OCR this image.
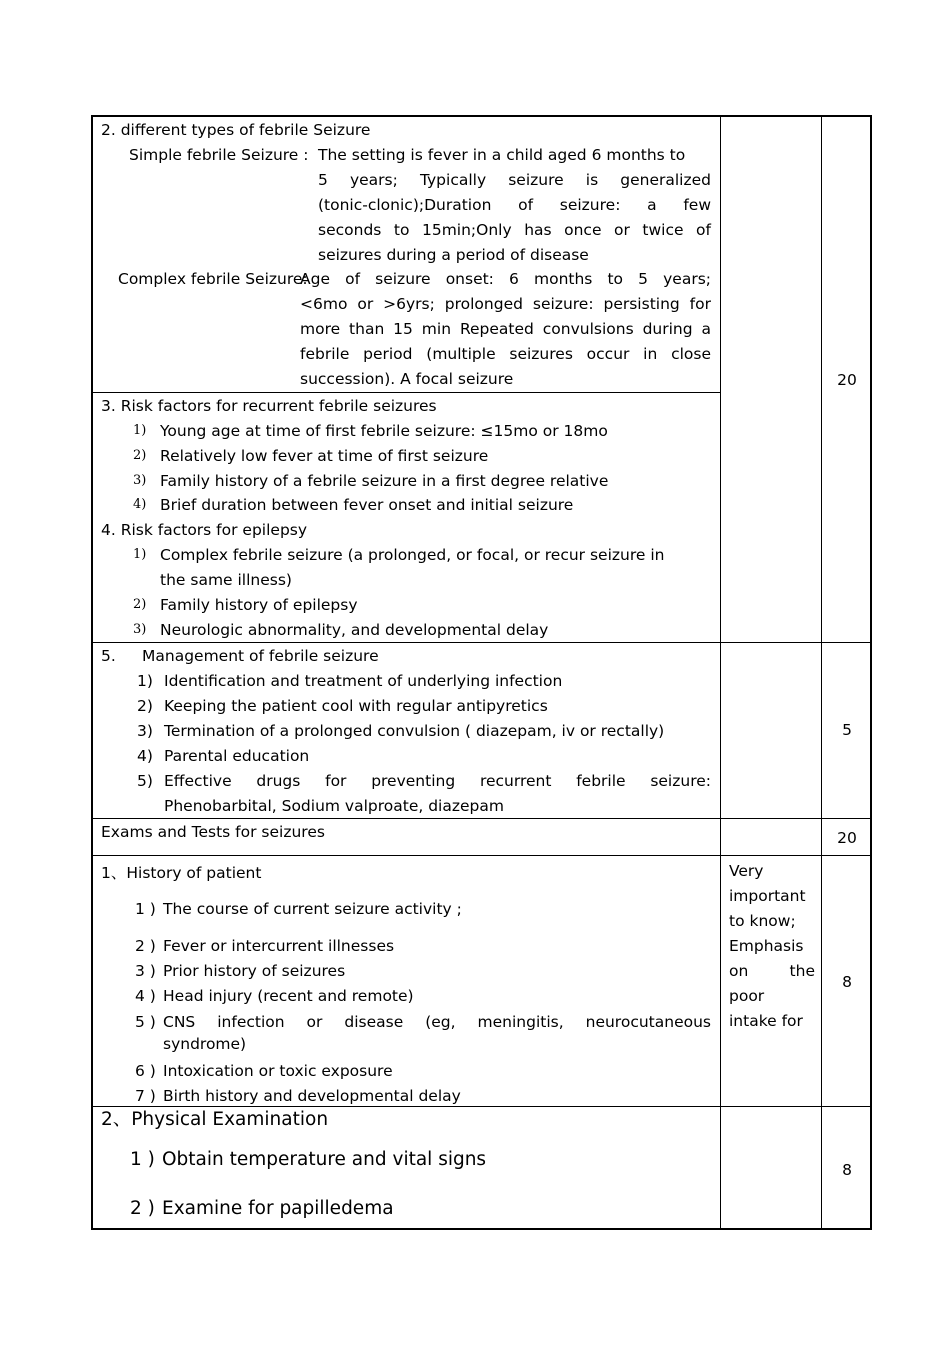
2. different types of febrile Seizure
Simple febrile Seizure : The setting is fever in a child aged 6 months to
5 years; Typically seizure is generalized
(tonic-clonic);Duration of seizure: a few
seconds to 15min;Only has once or twice of
seizures during a period of disease
Complex febrile Seizure:
Age of seizure onset: 6 months to 5 years;
<6mo or >6yrs; prolonged seizure: persisting for
more than 15 min Repeated convulsions during a
febrile period (multiple seizures occur in close
succession). A focal seizure
3. Risk factors for recurrent febrile seizures
1) Young age at time of first febrile seizure: ≤15mo or 18mo
2) Relatively low fever at time of first seizure
3) Family history of a febrile seizure in a first degree relative
4) Brief duration between fever onset and initial seizure
4. Risk factors for epilepsy
1) Complex febrile seizure (a prolonged, or focal, or recur seizure in
the same illness)
2) Family history of epilepsy
3) Neurologic abnormality, and developmental delay
20
5. Management of febrile seizure
1) Identification and treatment of underlying infection
2) Keeping the patient cool with regular antipyretics
3) Termination of a prolonged convulsion ( diazepam, iv or rectally)
4) Parental education
5) Effective drugs for preventing recurrent febrile seizure:
Phenobarbital, Sodium valproate, diazepam
5
Exams and Tests for seizures	20
1、History of patient
1 ) The course of current seizure activity ;
2 ) Fever or intercurrent illnesses
3 ) Prior history of seizures
4 ) Head injury (recent and remote)
5 ) CNS infection or disease (eg, meningitis, neurocutaneous
syndrome)
6 ) Intoxication or toxic exposure
7 ) Birth history and developmental delay
Very
important
to know;
Emphasis
on the
poor
intake for
8
2、Physical Examination
1 ) Obtain temperature and vital signs
2 ) Examine for papilledema
8
